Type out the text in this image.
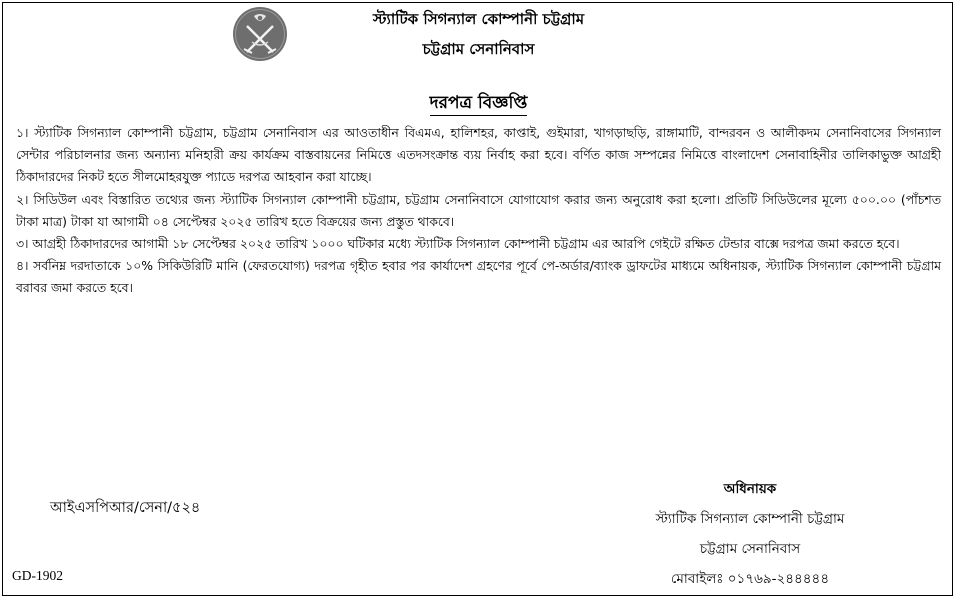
স্ট্যাটিক সিগন্যাল কোম্পানী চট্টগ্রাম
চট্টগ্রাম সেনানিবাস
দরপত্র বিজ্ঞপ্তি

১। স্ট্যাটিক সিগন্যাল কোম্পানী চট্টগ্রাম, চট্টগ্রাম সেনানিবাস এর আওতাধীন বিএমএ, হালিশহর, কাপ্তাই, গুইমারা, খাগড়াছড়ি, রাঙ্গামাটি, বান্দরবন ও আলীকদম সেনানিবাসের সিগন্যাল সেন্টার পরিচালনার জন্য অন্যান্য মনিহারী ক্রয় কার্যক্রম বাস্তবায়নের নিমিত্তে এতদসংক্রান্ত ব্যয় নির্বাহ করা হবে। বর্ণিত কাজ সম্পন্নের নিমিত্তে বাংলাদেশ সেনাবাহিনীর তালিকাভুক্ত আগ্রহী ঠিকাদারদের নিকট হতে সীলমোহরযুক্ত প্যাডে দরপত্র আহবান করা যাচ্ছে।

২। সিডিউল এবং বিস্তারিত তথ্যের জন্য স্ট্যাটিক সিগন্যাল কোম্পানী চট্টগ্রাম, চট্টগ্রাম সেনানিবাসে যোগাযোগ করার জন্য অনুরোধ করা হলো। প্রতিটি সিডিউলের মূল্যে ৫০০.০০ (পাঁচশত টাকা মাত্র) টাকা যা আগামী ০৪ সেপ্টেম্বর ২০২৫ তারিখ হতে বিক্রয়ের জন্য প্রস্তুত থাকবে।

৩। আগ্রহী ঠিকাদারদের আগামী ১৮ সেপ্টেম্বর ২০২৫ তারিখ ১০০০ ঘটিকার মধ্যে স্ট্যাটিক সিগন্যাল কোম্পানী চট্টগ্রাম এর আরপি গেইটে রক্ষিত টেন্ডার বাক্সে দরপত্র জমা করতে হবে।

৪। সর্বনিম্ন দরদাতাকে ১০% সিকিউরিটি মানি (ফেরতযোগ্য) দরপত্র গৃহীত হবার পর কার্যাদেশ গ্রহণের পূর্বে পে-অর্ডার/ব্যাংক ড্রাফটের মাধ্যমে অধিনায়ক, স্ট্যাটিক সিগন্যাল কোম্পানী চট্টগ্রাম বরাবর জমা করতে হবে।

আইএসপিআর/সেনা/৫২৪
অধিনায়ক
স্ট্যাটিক সিগন্যাল কোম্পানী চট্টগ্রাম
চট্টগ্রাম সেনানিবাস
মোবাইলঃ ০১৭৬৯-২৪৪৪৪৪
GD-1902
